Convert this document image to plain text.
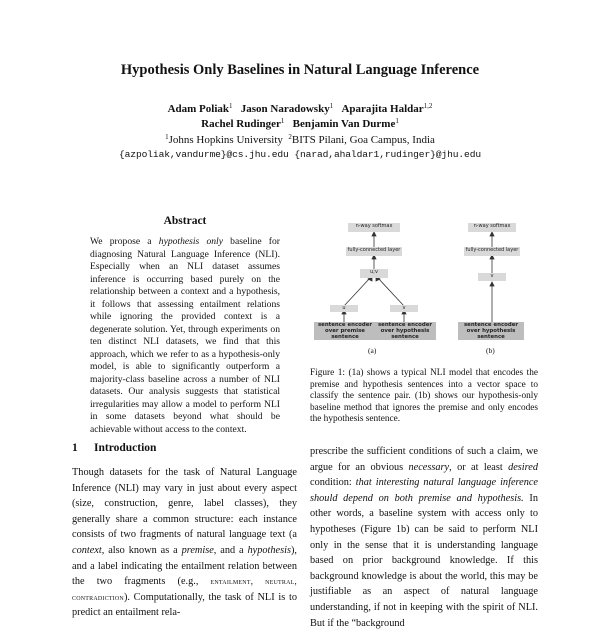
Hypothesis Only Baselines in Natural Language Inference
Adam Poliak$^1$ Jason Naradowsky$^1$ Aparajita Haldar$^{1,2}$
Rachel Rudinger$^1$ Benjamin Van Durme$^1$
$^1$Johns Hopkins University $^2$BITS Pilani, Goa Campus, India
{azpoliak,vandurme}@cs.jhu.edu {narad,ahaldar1,rudinger}@jhu.edu
Abstract
We propose a hypothesis only baseline for diagnosing Natural Language Inference (NLI). Especially when an NLI dataset assumes inference is occurring based purely on the relationship between a context and a hypothesis, it follows that assessing entailment relations while ignoring the provided context is a degenerate solution. Yet, through experiments on ten distinct NLI datasets, we find that this approach, which we refer to as a hypothesis-only model, is able to significantly outperform a majority-class baseline across a number of NLI datasets. Our analysis suggests that statistical irregularities may allow a model to perform NLI in some datasets beyond what should be achievable without access to the context.
1 Introduction
Though datasets for the task of Natural Language Inference (NLI) may vary in just about every aspect (size, construction, genre, label classes), they generally share a common structure: each instance consists of two fragments of natural language text (a context, also known as a premise, and a hypothesis), and a label indicating the entailment relation between the two fragments (e.g., entailment, neutral, contradiction). Computationally, the task of NLI is to predict an entailment rela-
n-way softmax
fully-connected layer
u;v
u	v
sentence encoder over premise sentence
sentence encoder over hypothesis sentence
(a)
n-way softmax
fully-connected layer
v
sentence encoder over hypothesis sentence
(b)
Figure 1: (1a) shows a typical NLI model that encodes the premise and hypothesis sentences into a vector space to classify the sentence pair. (1b) shows our hypothesis-only baseline method that ignores the premise and only encodes the hypothesis sentence.
prescribe the sufficient conditions of such a claim, we argue for an obvious necessary, or at least desired condition: that interesting natural language inference should depend on both premise and hypothesis. In other words, a baseline system with access only to hypotheses (Figure 1b) can be said to perform NLI only in the sense that it is understanding language based on prior background knowledge. If this background knowledge is about the world, this may be justifiable as an aspect of natural language understanding, if not in keeping with the spirit of NLI. But if the “background
